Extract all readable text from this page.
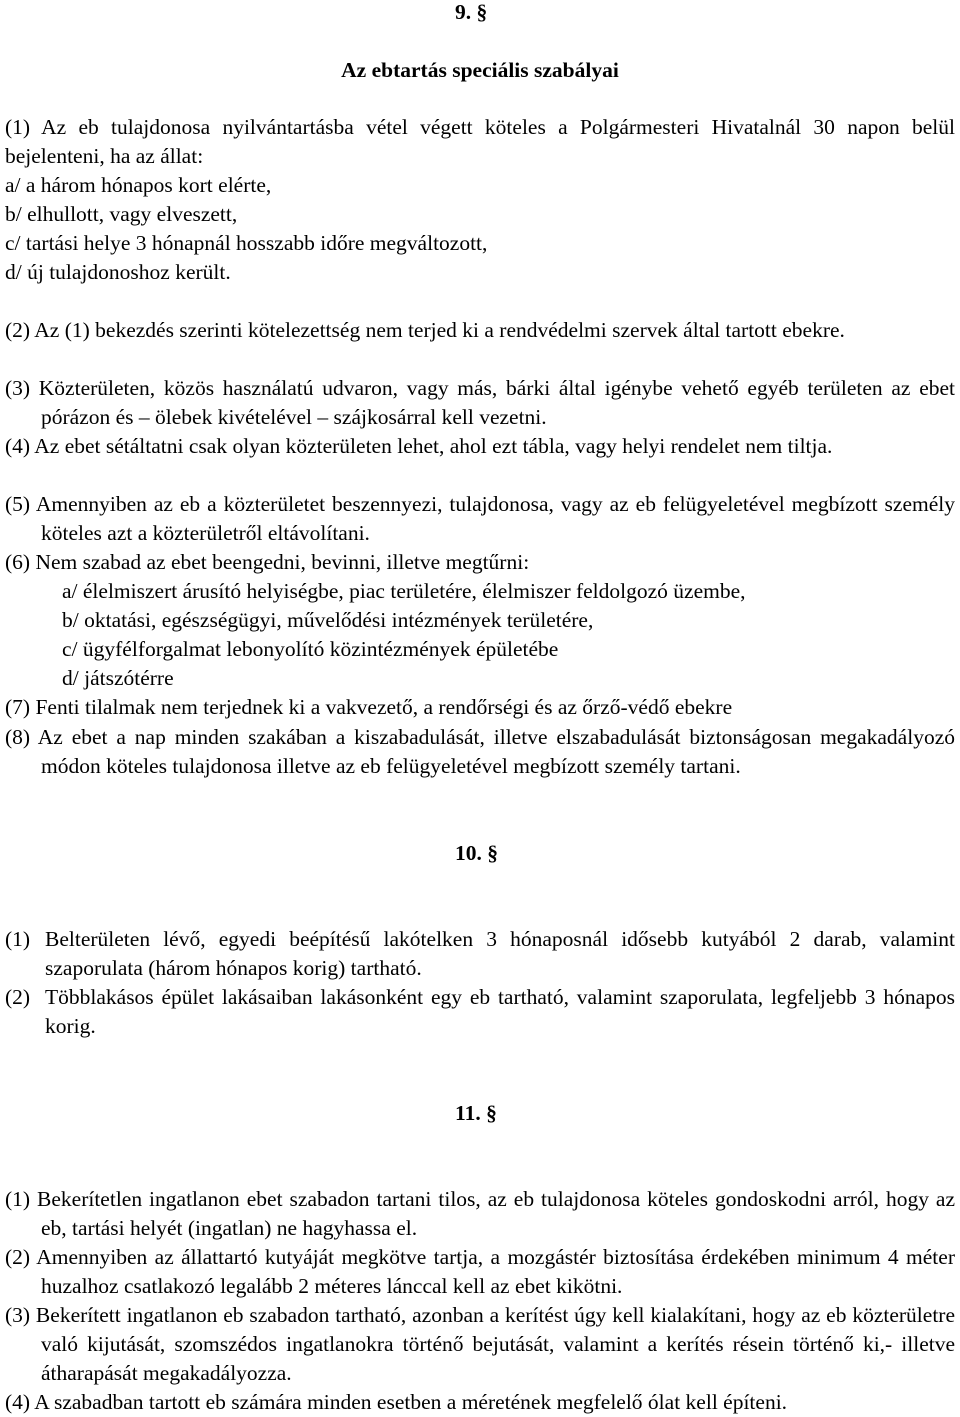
9. §
Az ebtartás speciális szabályai
(1) Az eb tulajdonosa nyilvántartásba vétel végett köteles a Polgármesteri Hivatalnál 30 napon belül bejelenteni, ha az állat:
a/ a három hónapos kort elérte,
b/ elhullott, vagy elveszett,
c/ tartási helye 3 hónapnál hosszabb időre megváltozott,
d/ új tulajdonoshoz került.
(2) Az (1) bekezdés szerinti kötelezettség nem terjed ki a rendvédelmi szervek által tartott ebekre.
(3) Közterületen, közös használatú udvaron, vagy más, bárki által igénybe vehető egyéb területen az ebet pórázon és – ölebek kivételével – szájkosárral kell vezetni.
(4) Az ebet sétáltatni csak olyan közterületen lehet, ahol ezt tábla, vagy helyi rendelet nem tiltja.
(5) Amennyiben az eb a közterületet beszennyezi, tulajdonosa, vagy az eb felügyeletével megbízott személy köteles azt a közterületről eltávolítani.
(6) Nem szabad az ebet beengedni, bevinni, illetve megtűrni:
a/ élelmiszert árusító helyiségbe, piac területére, élelmiszer feldolgozó üzembe,
b/ oktatási, egészségügyi, művelődési intézmények területére,
c/ ügyfélforgalmat lebonyolító közintézmények épületébe
d/ játszótérre
(7) Fenti tilalmak nem terjednek ki a vakvezető, a rendőrségi és az őrző-védő ebekre
(8) Az ebet a nap minden szakában a kiszabadulását, illetve elszabadulását biztonságosan megakadályozó módon köteles tulajdonosa illetve az eb felügyeletével megbízott személy tartani.
10. §
(1) Belterületen lévő, egyedi beépítésű lakótelken 3 hónaposnál idősebb kutyából 2 darab, valamint szaporulata (három hónapos korig) tartható.
(2) Többlakásos épület lakásaiban lakásonként egy eb tartható, valamint szaporulata, legfeljebb 3 hónapos korig.
11. §
(1) Bekerítetlen ingatlanon ebet szabadon tartani tilos, az eb tulajdonosa köteles gondoskodni arról, hogy az eb, tartási helyét (ingatlan) ne hagyhassa el.
(2) Amennyiben az állattartó kutyáját megkötve tartja, a mozgástér biztosítása érdekében minimum 4 méter huzalhoz csatlakozó legalább 2 méteres lánccal kell az ebet kikötni.
(3) Bekerített ingatlanon eb szabadon tartható, azonban a kerítést úgy kell kialakítani, hogy az eb közterületre való kijutását, szomszédos ingatlanokra történő bejutását, valamint a kerítés résein történő ki,- illetve átharapását megakadályozza.
(4) A szabadban tartott eb számára minden esetben a méretének megfelelő ólat kell építeni.
